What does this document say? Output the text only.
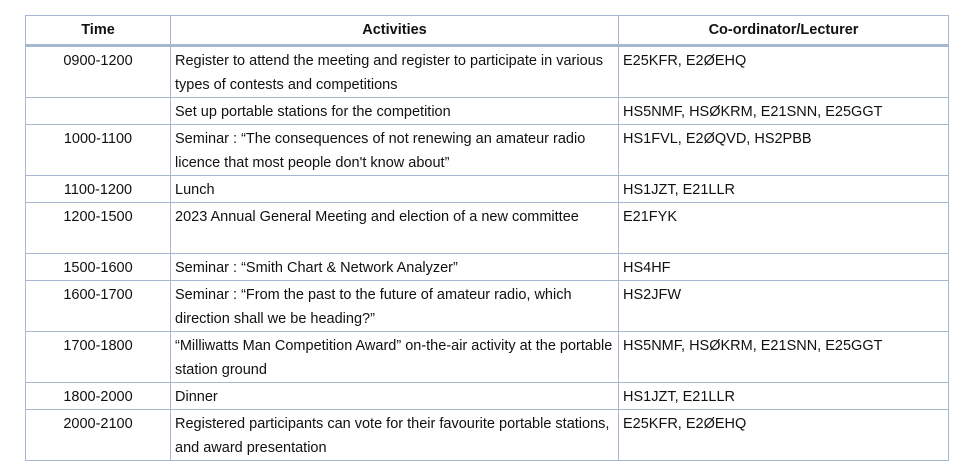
Time	Activities	Co-ordinator/Lecturer
0900-1200	Register to attend the meeting and register to participate in various types of contests and competitions	E25KFR, E2ØEHQ
	Set up portable stations for the competition	HS5NMF, HSØKRM, E21SNN, E25GGT
1000-1100	Seminar : “The consequences of not renewing an amateur radio licence that most people don't know about”	HS1FVL, E2ØQVD, HS2PBB
1100-1200	Lunch	HS1JZT, E21LLR
1200-1500	2023 Annual General Meeting and election of a new committee	E21FYK
1500-1600	Seminar : “Smith Chart & Network Analyzer”	HS4HF
1600-1700	Seminar : “From the past to the future of amateur radio, which direction shall we be heading?”	HS2JFW
1700-1800	“Milliwatts Man Competition Award” on-the-air activity at the portable station ground	HS5NMF, HSØKRM, E21SNN, E25GGT
1800-2000	Dinner	HS1JZT, E21LLR
2000-2100	Registered participants can vote for their favourite portable stations, and award presentation	E25KFR, E2ØEHQ
